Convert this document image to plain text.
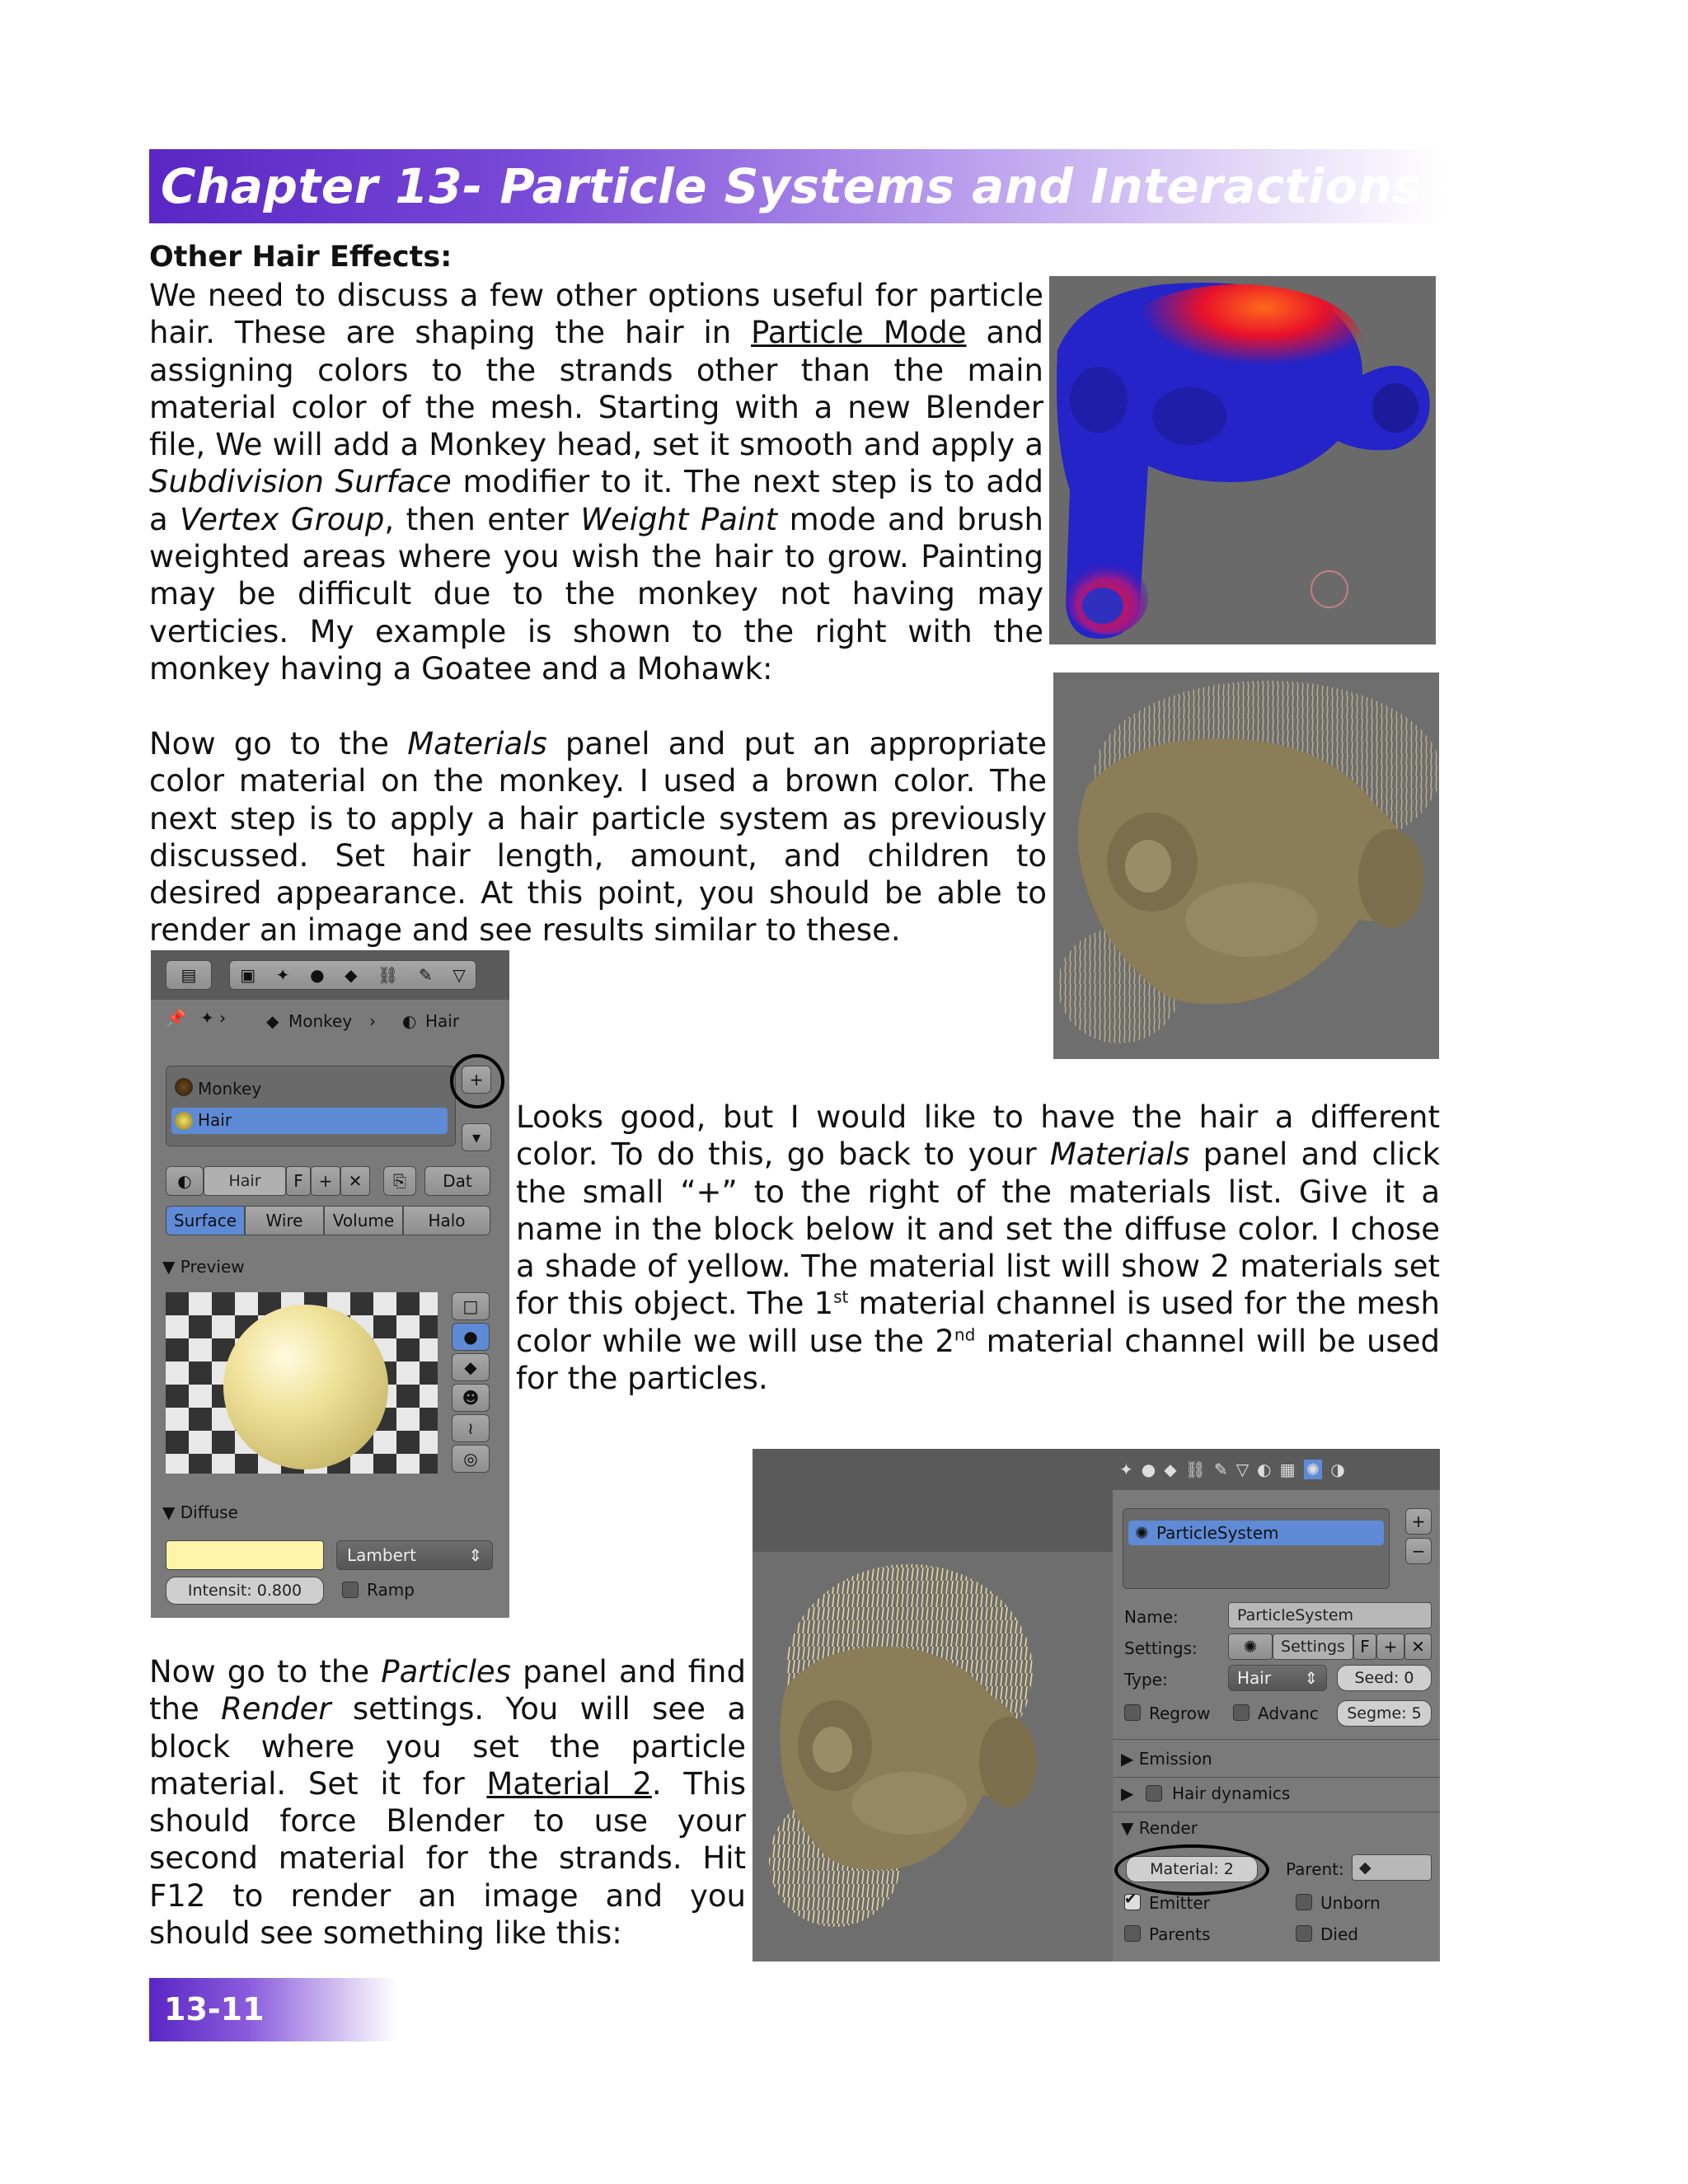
Chapter 13- Particle Systems and Interactions
Other Hair Effects:

We need to discuss a few other options useful for particle hair. These are shaping the hair in Particle Mode and assigning colors to the strands other than the main material color of the mesh. Starting with a new Blender file, We will add a Monkey head, set it smooth and apply a Subdivision Surface modifier to it. The next step is to add a Vertex Group, then enter Weight Paint mode and brush weighted areas where you wish the hair to grow. Painting may be difficult due to the monkey not having may verticies. My example is shown to the right with the monkey having a Goatee and a Mohawk:

Now go to the Materials panel and put an appropriate color material on the monkey. I used a brown color. The next step is to apply a hair particle system as previously discussed. Set hair length, amount, and children to desired appearance. At this point, you should be able to render an image and see results similar to these.

▤	▣ ✦ ● ◆ ⛓ ✎ ▽
📌 ✦ › ◆ Monkey › ◐ Hair
Monkey
Hair
+
▾
◐	Hair	F + ✕	⎘	Dat
Surface	Wire	Volume	Halo
▼ Preview
□
●
◆
☻
≀
◎
▼ Diffuse
Lambert	⇕
Intensit: 0.800	Ramp

Looks good, but I would like to have the hair a different color. To do this, go back to your Materials panel and click the small “+” to the right of the materials list. Give it a name in the block below it and set the diffuse color. I chose a shade of yellow. The material list will show 2 materials set for this object. The 1st material channel is used for the mesh color while we will use the 2nd material channel will be used for the particles.

✦ ● ◆ ⛓ ✎ ▽ ◐ ▦ ✺ ◑
✺ ParticleSystem
+
−
Name:	ParticleSystem
Settings:	✺	Settings F + ✕
Type:	Hair ⇕	Seed: 0
Regrow	Advanc	Segme: 5
▶ Emission
▶ Hair dynamics
▼ Render
Material: 2	Parent: ◆
✔ Emitter	Unborn
Parents	Died

Now go to the Particles panel and find the Render settings. You will see a block where you set the particle material. Set it for Material 2. This should force Blender to use your second material for the strands. Hit F12 to render an image and you should see something like this:

13-11
